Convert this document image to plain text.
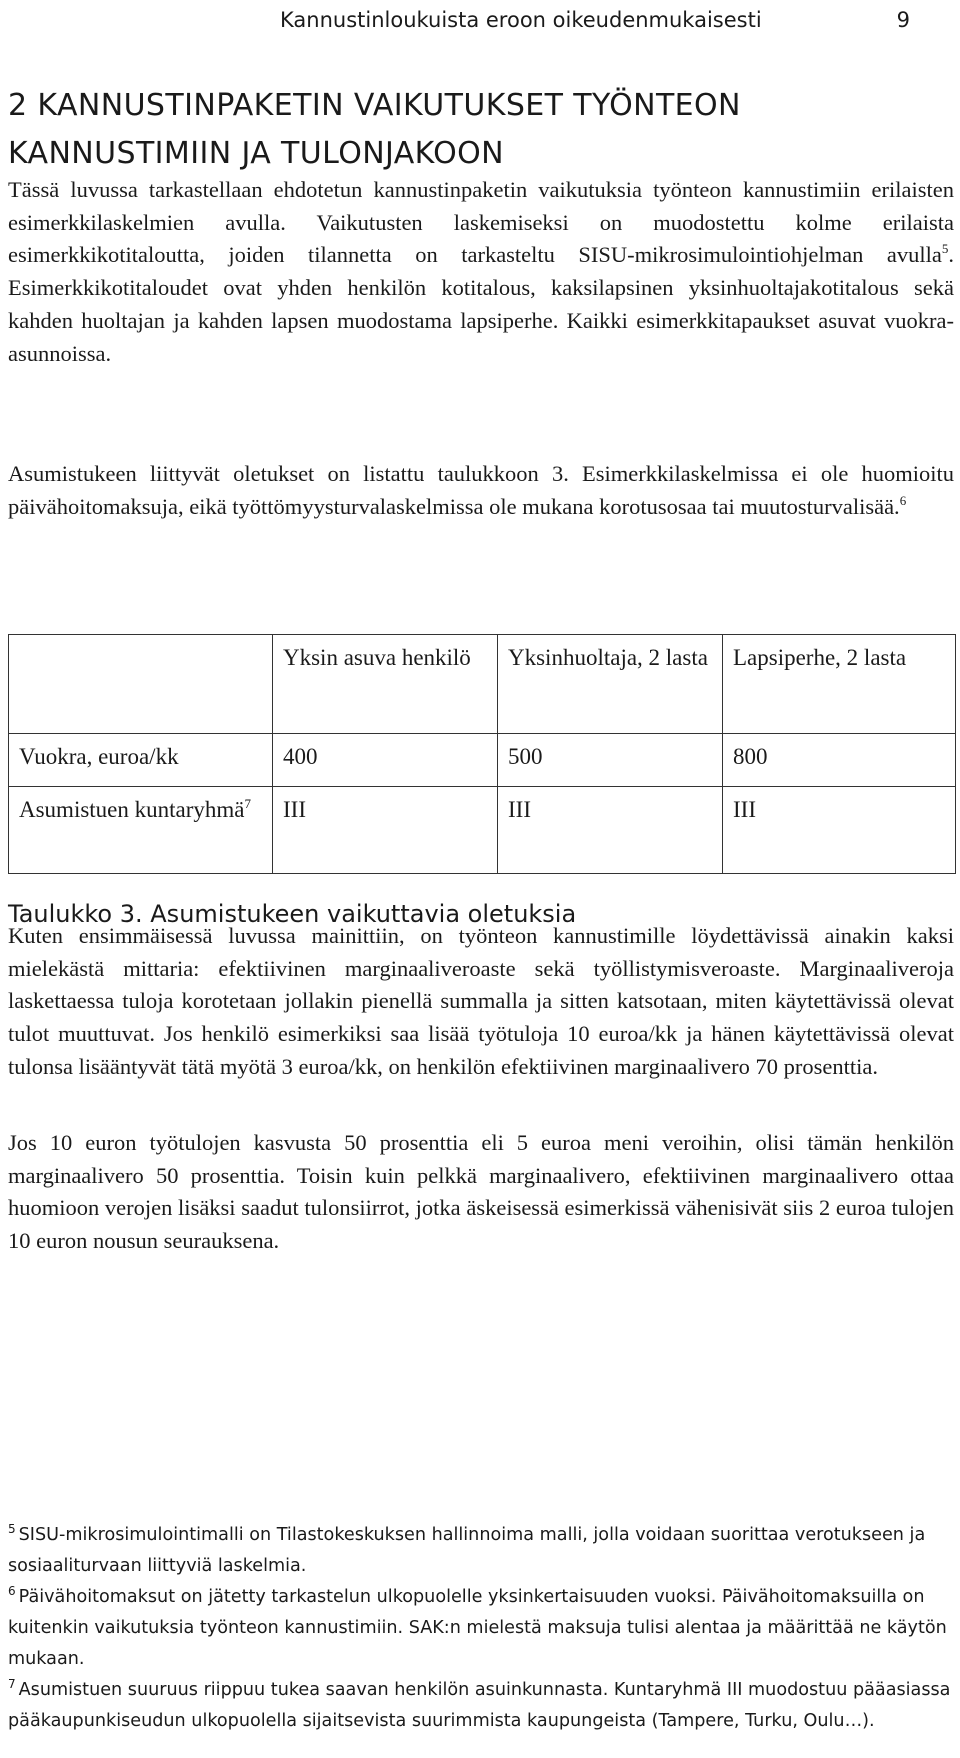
Kannustinloukuista eroon oikeudenmukaisesti	9
2 KANNUSTINPAKETIN VAIKUTUKSET TYÖNTEON
KANNUSTIMIIN JA TULONJAKOON

Tässä luvussa tarkastellaan ehdotetun kannustinpaketin vaikutuksia työnteon kannustimiin erilaisten esimerkkilaskelmien avulla. Vaikutusten laskemiseksi on muodostettu kolme erilaista esimerkkikotitaloutta, joiden tilannetta on tarkasteltu SISU-mikrosimulointiohjelman avulla$^5$. Esimerkkikotitaloudet ovat yhden henkilön kotitalous, kaksilapsinen yksinhuoltajakotitalous sekä kahden huoltajan ja kahden lapsen muodostama lapsiperhe. Kaikki esimerkkitapaukset asuvat vuokraasunnoissa.

Asumistukeen liittyvät oletukset on listattu taulukkoon 3. Esimerkkilaskelmissa ei ole huomioitu päivähoitomaksuja, eikä työttömyysturvalaskelmissa ole mukana korotusosaa tai muutosturvalisää.$^6$

	Yksin asuva henkilö	Yksinhuoltaja, 2 lasta	Lapsiperhe, 2 lasta
Vuokra, euroa/kk	400	500	800
Asumistuen kuntaryhmä$^7$	III	III	III

Taulukko 3. Asumistukeen vaikuttavia oletuksia

Kuten ensimmäisessä luvussa mainittiin, on työnteon kannustimille löydettävissä ainakin kaksi mielekästä mittaria: efektiivinen marginaaliveroaste sekä työllistymisveroaste. Marginaaliveroja laskettaessa tuloja korotetaan jollakin pienellä summalla ja sitten katsotaan, miten käytettävissä olevat tulot muuttuvat. Jos henkilö esimerkiksi saa lisää työtuloja 10 euroa/kk ja hänen käytettävissä olevat tulonsa lisääntyvät tätä myötä 3 euroa/kk, on henkilön efektiivinen marginaalivero 70 prosenttia.

Jos 10 euron työtulojen kasvusta 50 prosenttia eli 5 euroa meni veroihin, olisi tämän henkilön marginaalivero 50 prosenttia. Toisin kuin pelkkä marginaalivero, efektiivinen marginaalivero ottaa huomioon verojen lisäksi saadut tulonsiirrot, jotka äskeisessä esimerkissä vähenisivät siis 2 euroa tulojen 10 euron nousun seurauksena.

$^5$ SISU-mikrosimulointimalli on Tilastokeskuksen hallinnoima malli, jolla voidaan suorittaa verotukseen ja sosiaaliturvaan liittyviä laskelmia.

$^6$ Päivähoitomaksut on jätetty tarkastelun ulkopuolelle yksinkertaisuuden vuoksi. Päivähoitomaksuilla on kuitenkin vaikutuksia työnteon kannustimiin. SAK:n mielestä maksuja tulisi alentaa ja määrittää ne käytön mukaan.

$^7$ Asumistuen suuruus riippuu tukea saavan henkilön asuinkunnasta. Kuntaryhmä III muodostuu pääasiassa pääkaupunkiseudun ulkopuolella sijaitsevista suurimmista kaupungeista (Tampere, Turku, Oulu…).
